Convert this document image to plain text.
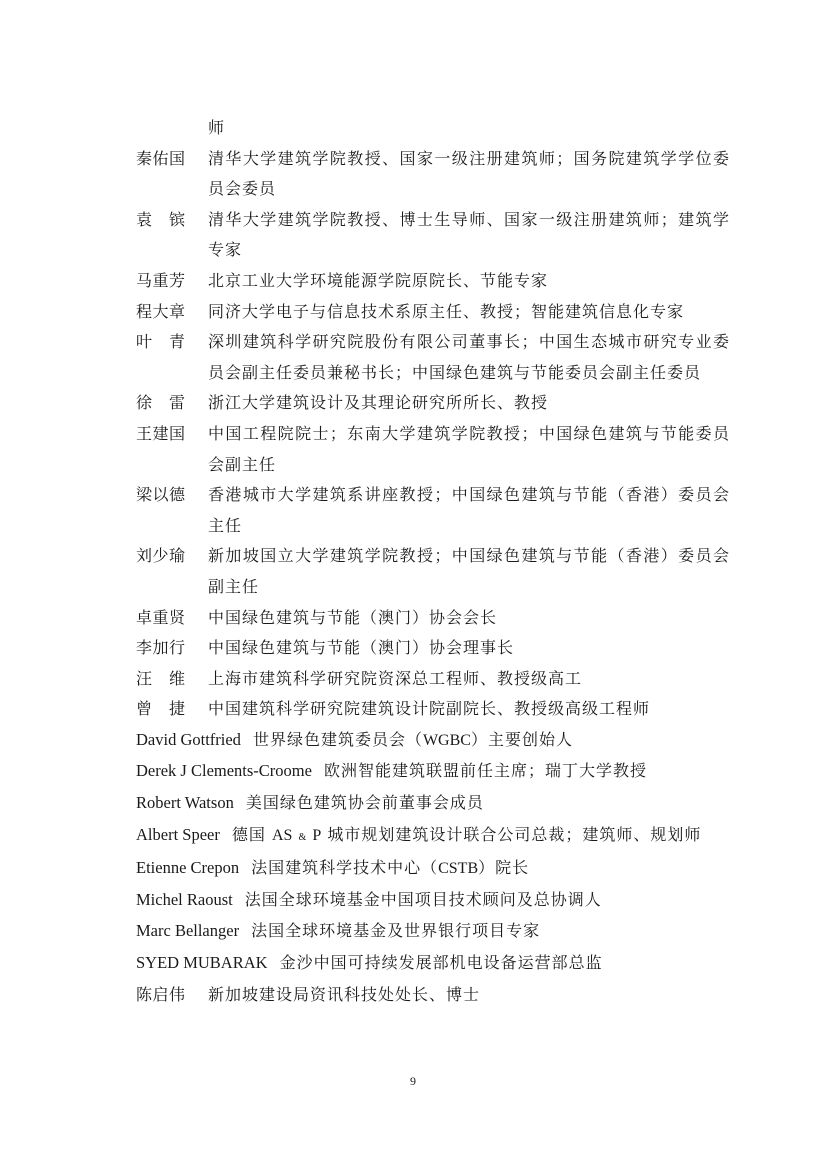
师
秦佑国	清华大学建筑学院教授、国家一级注册建筑师；国务院建筑学学位委员会委员
袁　镔	清华大学建筑学院教授、博士生导师、国家一级注册建筑师；建筑学专家
马重芳	北京工业大学环境能源学院原院长、节能专家
程大章	同济大学电子与信息技术系原主任、教授；智能建筑信息化专家
叶　青	深圳建筑科学研究院股份有限公司董事长；中国生态城市研究专业委员会副主任委员兼秘书长；中国绿色建筑与节能委员会副主任委员
徐　雷	浙江大学建筑设计及其理论研究所所长、教授
王建国	中国工程院院士；东南大学建筑学院教授；中国绿色建筑与节能委员会副主任
梁以德	香港城市大学建筑系讲座教授；中国绿色建筑与节能（香港）委员会主任
刘少瑜	新加坡国立大学建筑学院教授；中国绿色建筑与节能（香港）委员会副主任
卓重贤	中国绿色建筑与节能（澳门）协会会长
李加行	中国绿色建筑与节能（澳门）协会理事长
汪　维	上海市建筑科学研究院资深总工程师、教授级高工
曾　捷	中国建筑科学研究院建筑设计院副院长、教授级高级工程师
David Gottfried 世界绿色建筑委员会（WGBC）主要创始人
Derek J Clements-Croome 欧洲智能建筑联盟前任主席；瑞丁大学教授
Robert Watson 美国绿色建筑协会前董事会成员
Albert Speer 德国 AS & P 城市规划建筑设计联合公司总裁；建筑师、规划师
Etienne Crepon 法国建筑科学技术中心（CSTB）院长
Michel Raoust 法国全球环境基金中国项目技术顾问及总协调人
Marc Bellanger 法国全球环境基金及世界银行项目专家
SYED MUBARAK 金沙中国可持续发展部机电设备运营部总监
陈启伟	新加坡建设局资讯科技处处长、博士
9
